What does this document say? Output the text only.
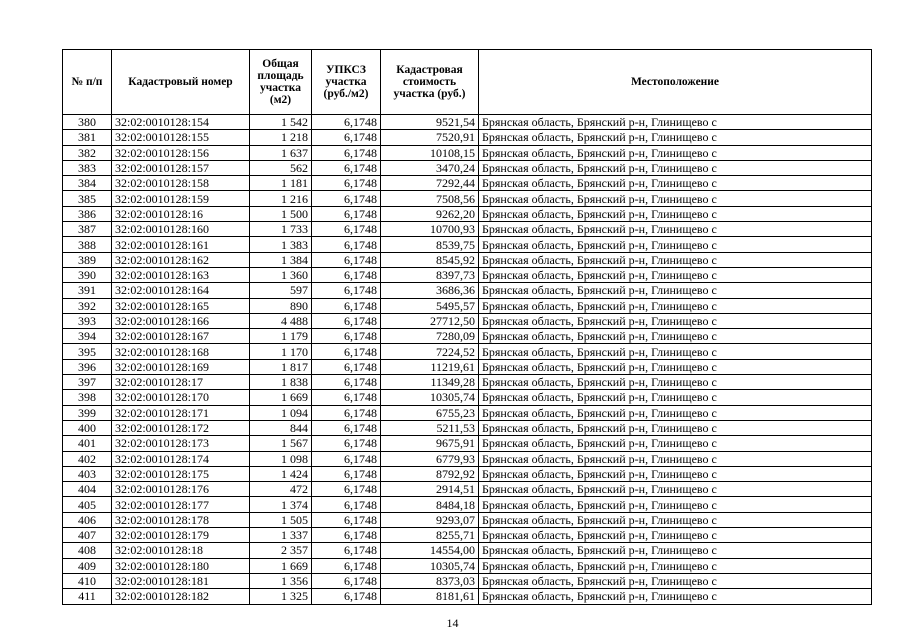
№ п/п	Кадастровый номер	Общая площадь участка (м2)	УПКСЗ участка (руб./м2)	Кадастровая стоимость участка (руб.)	Местоположение
380	32:02:0010128:154	1 542	6,1748	9521,54	Брянская область, Брянский р-н, Глинищево с
381	32:02:0010128:155	1 218	6,1748	7520,91	Брянская область, Брянский р-н, Глинищево с
382	32:02:0010128:156	1 637	6,1748	10108,15	Брянская область, Брянский р-н, Глинищево с
383	32:02:0010128:157	562	6,1748	3470,24	Брянская область, Брянский р-н, Глинищево с
384	32:02:0010128:158	1 181	6,1748	7292,44	Брянская область, Брянский р-н, Глинищево с
385	32:02:0010128:159	1 216	6,1748	7508,56	Брянская область, Брянский р-н, Глинищево с
386	32:02:0010128:16	1 500	6,1748	9262,20	Брянская область, Брянский р-н, Глинищево с
387	32:02:0010128:160	1 733	6,1748	10700,93	Брянская область, Брянский р-н, Глинищево с
388	32:02:0010128:161	1 383	6,1748	8539,75	Брянская область, Брянский р-н, Глинищево с
389	32:02:0010128:162	1 384	6,1748	8545,92	Брянская область, Брянский р-н, Глинищево с
390	32:02:0010128:163	1 360	6,1748	8397,73	Брянская область, Брянский р-н, Глинищево с
391	32:02:0010128:164	597	6,1748	3686,36	Брянская область, Брянский р-н, Глинищево с
392	32:02:0010128:165	890	6,1748	5495,57	Брянская область, Брянский р-н, Глинищево с
393	32:02:0010128:166	4 488	6,1748	27712,50	Брянская область, Брянский р-н, Глинищево с
394	32:02:0010128:167	1 179	6,1748	7280,09	Брянская область, Брянский р-н, Глинищево с
395	32:02:0010128:168	1 170	6,1748	7224,52	Брянская область, Брянский р-н, Глинищево с
396	32:02:0010128:169	1 817	6,1748	11219,61	Брянская область, Брянский р-н, Глинищево с
397	32:02:0010128:17	1 838	6,1748	11349,28	Брянская область, Брянский р-н, Глинищево с
398	32:02:0010128:170	1 669	6,1748	10305,74	Брянская область, Брянский р-н, Глинищево с
399	32:02:0010128:171	1 094	6,1748	6755,23	Брянская область, Брянский р-н, Глинищево с
400	32:02:0010128:172	844	6,1748	5211,53	Брянская область, Брянский р-н, Глинищево с
401	32:02:0010128:173	1 567	6,1748	9675,91	Брянская область, Брянский р-н, Глинищево с
402	32:02:0010128:174	1 098	6,1748	6779,93	Брянская область, Брянский р-н, Глинищево с
403	32:02:0010128:175	1 424	6,1748	8792,92	Брянская область, Брянский р-н, Глинищево с
404	32:02:0010128:176	472	6,1748	2914,51	Брянская область, Брянский р-н, Глинищево с
405	32:02:0010128:177	1 374	6,1748	8484,18	Брянская область, Брянский р-н, Глинищево с
406	32:02:0010128:178	1 505	6,1748	9293,07	Брянская область, Брянский р-н, Глинищево с
407	32:02:0010128:179	1 337	6,1748	8255,71	Брянская область, Брянский р-н, Глинищево с
408	32:02:0010128:18	2 357	6,1748	14554,00	Брянская область, Брянский р-н, Глинищево с
409	32:02:0010128:180	1 669	6,1748	10305,74	Брянская область, Брянский р-н, Глинищево с
410	32:02:0010128:181	1 356	6,1748	8373,03	Брянская область, Брянский р-н, Глинищево с
411	32:02:0010128:182	1 325	6,1748	8181,61	Брянская область, Брянский р-н, Глинищево с
14
